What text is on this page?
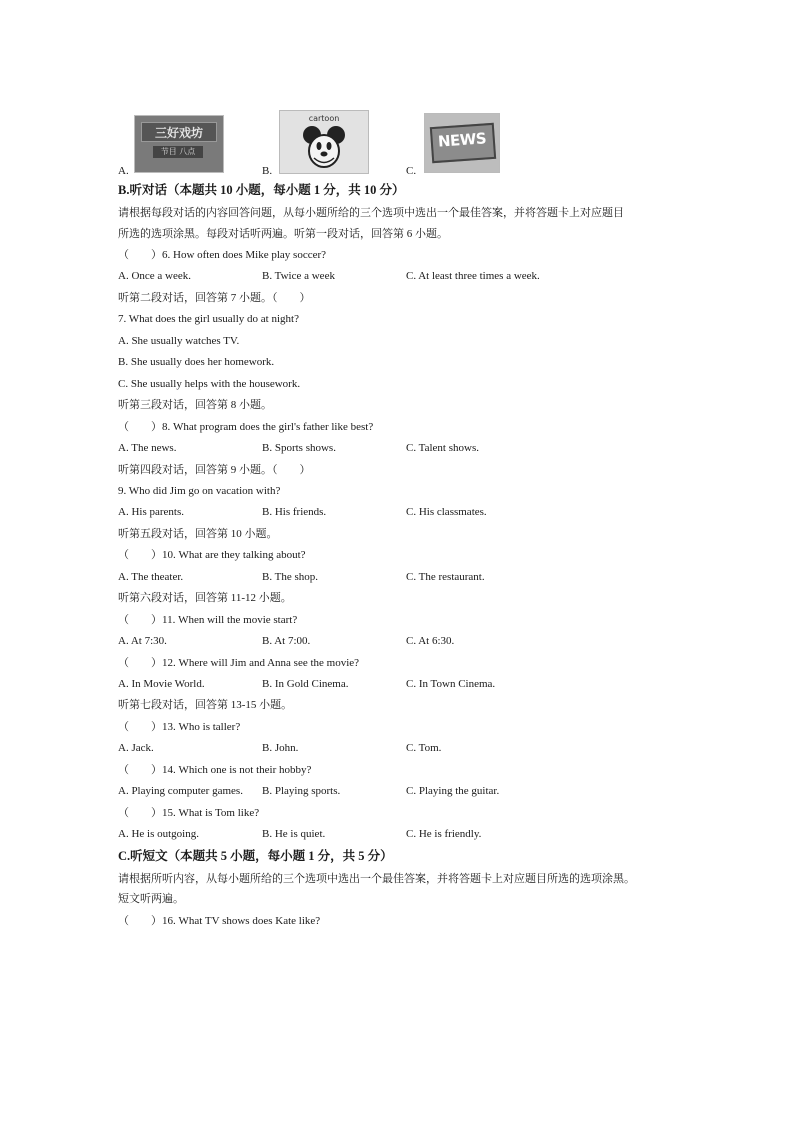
三好戏坊
节目 八点
A.
cartoon
B.
NEWS
C.
B.听对话（本题共 10 小题，每小题 1 分，共 10 分）
请根据每段对话的内容回答问题，从每小题所给的三个选项中选出一个最佳答案，并将答题卡上对应题目
所选的选项涂黑。每段对话听两遍。听第一段对话，回答第 6 小题。
（　　）6. How often does Mike play soccer?
A. Once a week.	B. Twice a week	C. At least three times a week.
听第二段对话，回答第 7 小题。（　　）
7. What does the girl usually do at night?
A. She usually watches TV.
B. She usually does her homework.
C. She usually helps with the housework.
听第三段对话，回答第 8 小题。
（　　）8. What program does the girl's father like best?
A. The news.	B. Sports shows.	C. Talent shows.
听第四段对话，回答第 9 小题。（　　）
9. Who did Jim go on vacation with?
A. His parents.	B. His friends.	C. His classmates.
听第五段对话，回答第 10 小题。
（　　）10. What are they talking about?
A. The theater.	B. The shop.	C. The restaurant.
听第六段对话，回答第 11-12 小题。
（　　）11. When will the movie start?
A. At 7:30.	B. At 7:00.	C. At 6:30.
（　　）12. Where will Jim and Anna see the movie?
A. In Movie World.	B. In Gold Cinema.	C. In Town Cinema.
听第七段对话，回答第 13-15 小题。
（　　）13. Who is taller?
A. Jack.	B. John.	C. Tom.
（　　）14. Which one is not their hobby?
A. Playing computer games. B. Playing sports.	C. Playing the guitar.
（　　）15. What is Tom like?
A. He is outgoing.	B. He is quiet.	C. He is friendly.
C.听短文（本题共 5 小题，每小题 1 分，共 5 分）
请根据所听内容，从每小题所给的三个选项中选出一个最佳答案，并将答题卡上对应题目所选的选项涂黑。
短文听两遍。
（　　）16. What TV shows does Kate like?
